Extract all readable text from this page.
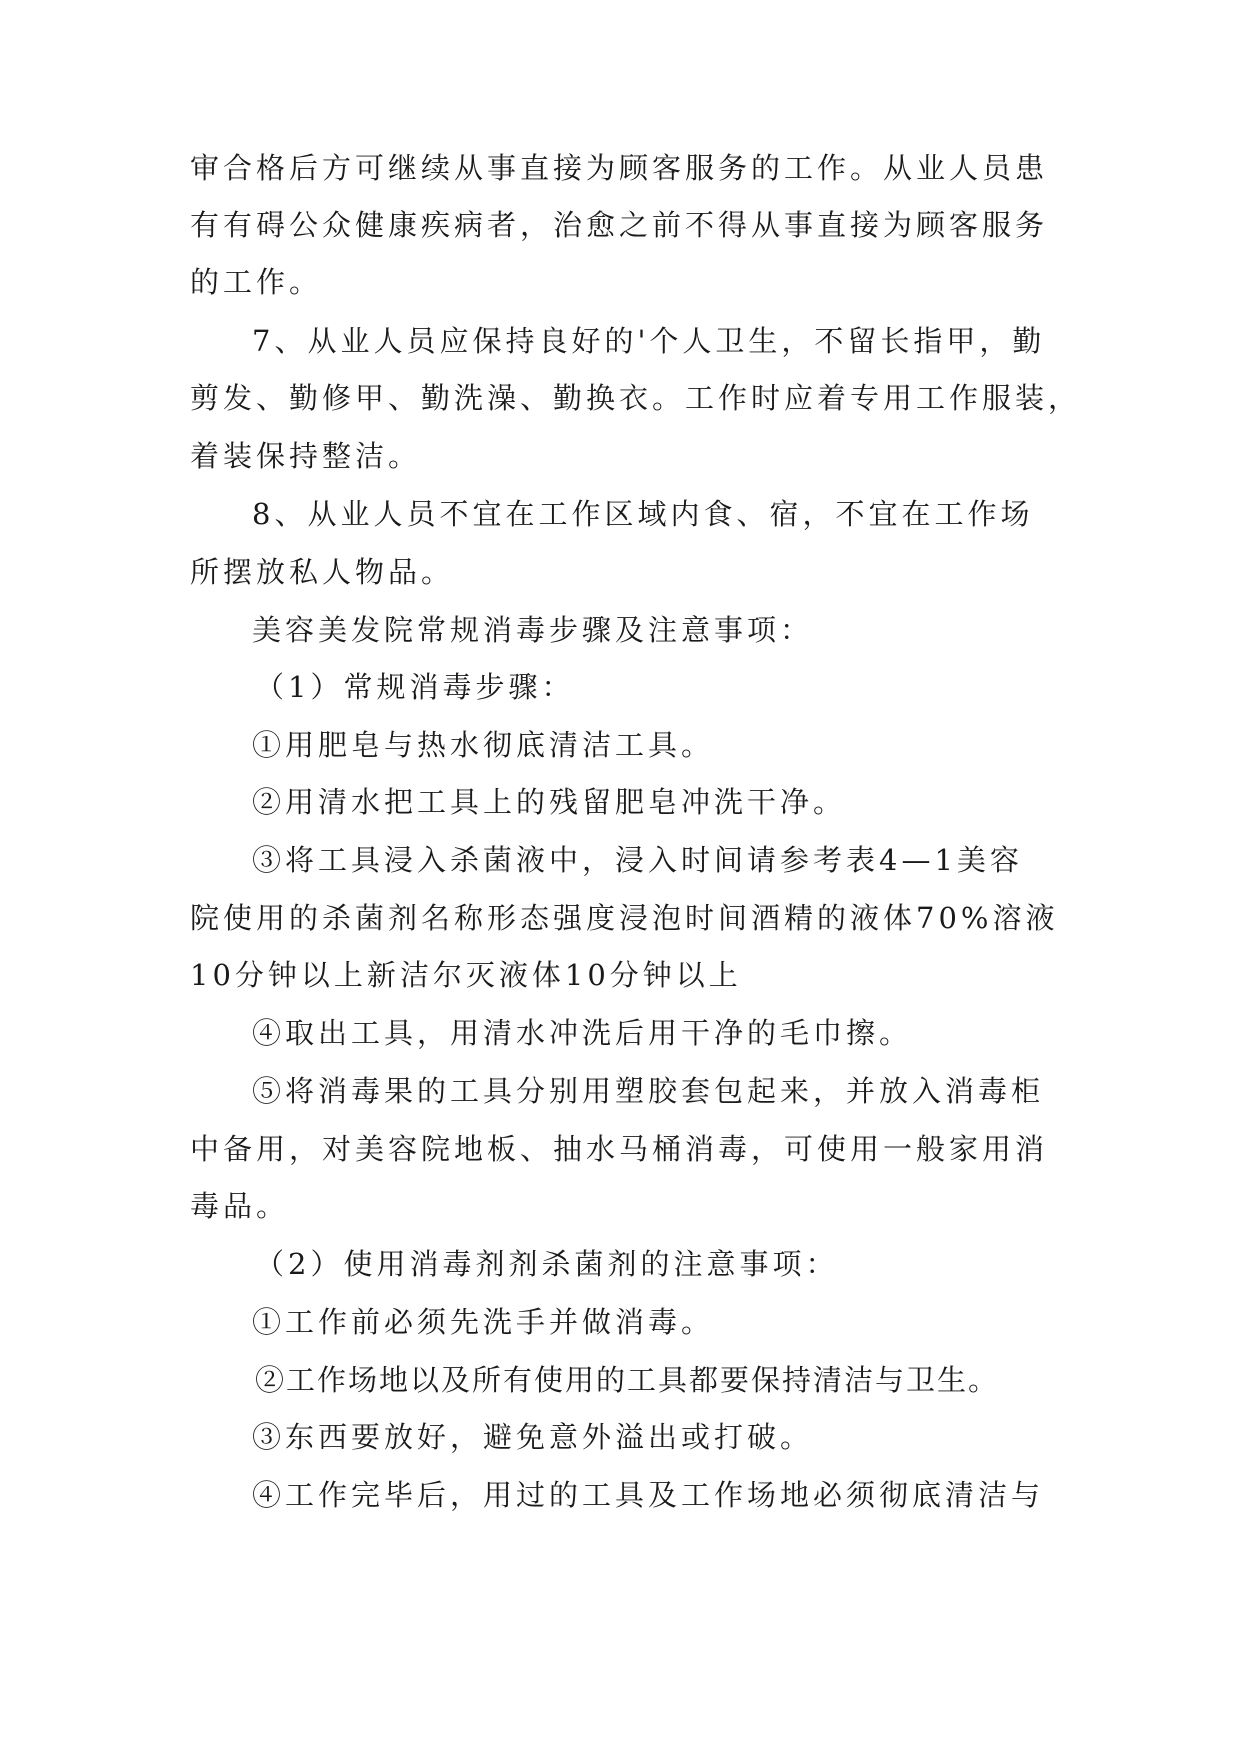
审合格后方可继续从事直接为顾客服务的工作。从业人员患

有有碍公众健康疾病者，治愈之前不得从事直接为顾客服务

的工作。

7、从业人员应保持良好的'个人卫生，不留长指甲，勤

剪发、勤修甲、勤洗澡、勤换衣。工作时应着专用工作服装，

着装保持整洁。

8、从业人员不宜在工作区域内食、宿，不宜在工作场

所摆放私人物品。

美容美发院常规消毒步骤及注意事项：

（1）常规消毒步骤：

①用肥皂与热水彻底清洁工具。

②用清水把工具上的残留肥皂冲洗干净。

③将工具浸入杀菌液中，浸入时间请参考表4—1美容

院使用的杀菌剂名称形态强度浸泡时间酒精的液体70%溶液

10分钟以上新洁尔灭液体10分钟以上

④取出工具，用清水冲洗后用干净的毛巾擦。

⑤将消毒果的工具分别用塑胶套包起来，并放入消毒柜

中备用，对美容院地板、抽水马桶消毒，可使用一般家用消

毒品。

（2）使用消毒剂剂杀菌剂的注意事项：

①工作前必须先洗手并做消毒。

②工作场地以及所有使用的工具都要保持清洁与卫生。

③东西要放好，避免意外溢出或打破。

④工作完毕后，用过的工具及工作场地必须彻底清洁与
